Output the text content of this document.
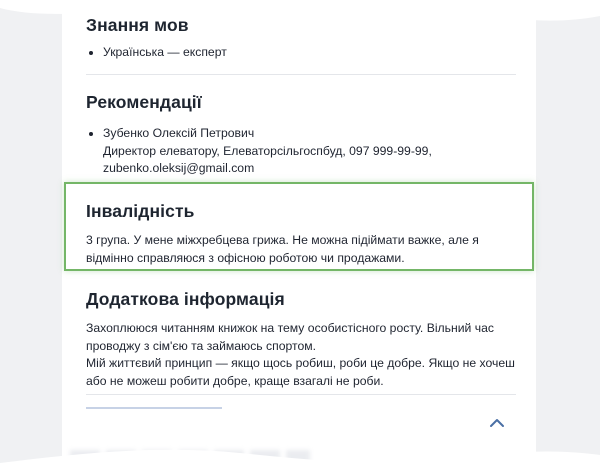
Знання мов
• Українська — експерт
Рекомендації
• Зубенко Олексій Петрович
Директор елеватору, Елеваторсільгоспбуд, 097 999-99-99,
zubenko.oleksij@gmail.com
Інвалідність

3 група. У мене міжхребцева грижа. Не можна підіймати важке, але я відмінно справляюся з офісною роботою чи продажами.

Додаткова інформація

Захоплююся читанням книжок на тему особистісного росту. Вільний час проводжу з сім'єю та займаюсь спортом.

Мій життєвий принцип — якщо щось робиш, роби це добре. Якщо не хочеш або не можеш робити добре, краще взагалі не роби.
